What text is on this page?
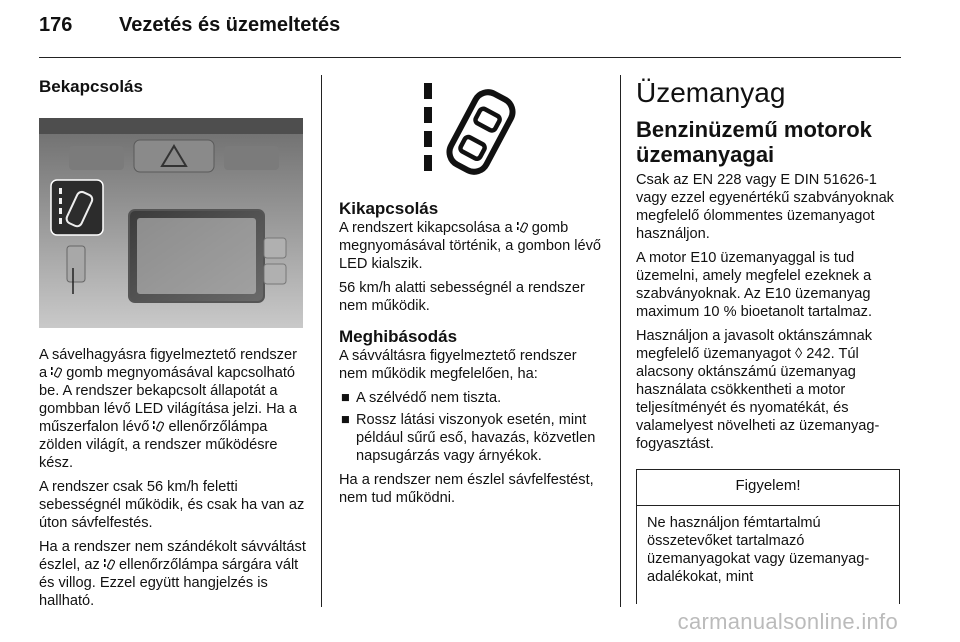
176	Vezetés és üzemeltetés
Bekapcsolás

A sávelhagyásra figyelmeztető rendszer a gomb megnyomásával kapcsolható be. A rendszer bekapcsolt állapotát a gombban lévő LED világítása jelzi. Ha a műszerfalon lévő ellenőrzőlámpa zölden világít, a rendszer működésre kész.

A rendszer csak 56 km/h feletti sebességnél működik, és csak ha van az úton sávfelfestés.

Ha a rendszer nem szándékolt sávváltást észlel, az ellenőrzőlámpa sárgára vált és villog. Ezzel együtt hangjelzés is hallható.

Kikapcsolás

A rendszert kikapcsolása a gomb megnyomásával történik, a gombon lévő LED kialszik.

56 km/h alatti sebességnél a rendszer nem működik.

Meghibásodás

A sávváltásra figyelmeztető rendszer nem működik megfelelően, ha:

■ A szélvédő nem tiszta.
■ Rossz látási viszonyok esetén, mint például sűrű eső, havazás, közvetlen napsugárzás vagy árnyékok.

Ha a rendszer nem észlel sávfelfestést, nem tud működni.

Üzemanyag
Benzinüzemű motorok üzemanyagai

Csak az EN 228 vagy E DIN 51626-1 vagy ezzel egyenértékű szabványoknak megfelelő ólommentes üzemanyagot használjon.

A motor E10 üzemanyaggal is tud üzemelni, amely megfelel ezeknek a szabványoknak. Az E10 üzemanyag maximum 10 % bioetanolt tartalmaz.

Használjon a javasolt oktánszámnak megfelelő üzemanyagot ◊ 242. Túl alacsony oktánszámú üzemanyag használata csökkentheti a motor teljesítményét és nyomatékát, és valamelyest növelheti az üzemanyag-fogyasztást.

Figyelem!
Ne használjon fémtartalmú összetevőket tartalmazó üzemanyagokat vagy üzemanyag-adalékokat, mint
carmanualsonline.info
